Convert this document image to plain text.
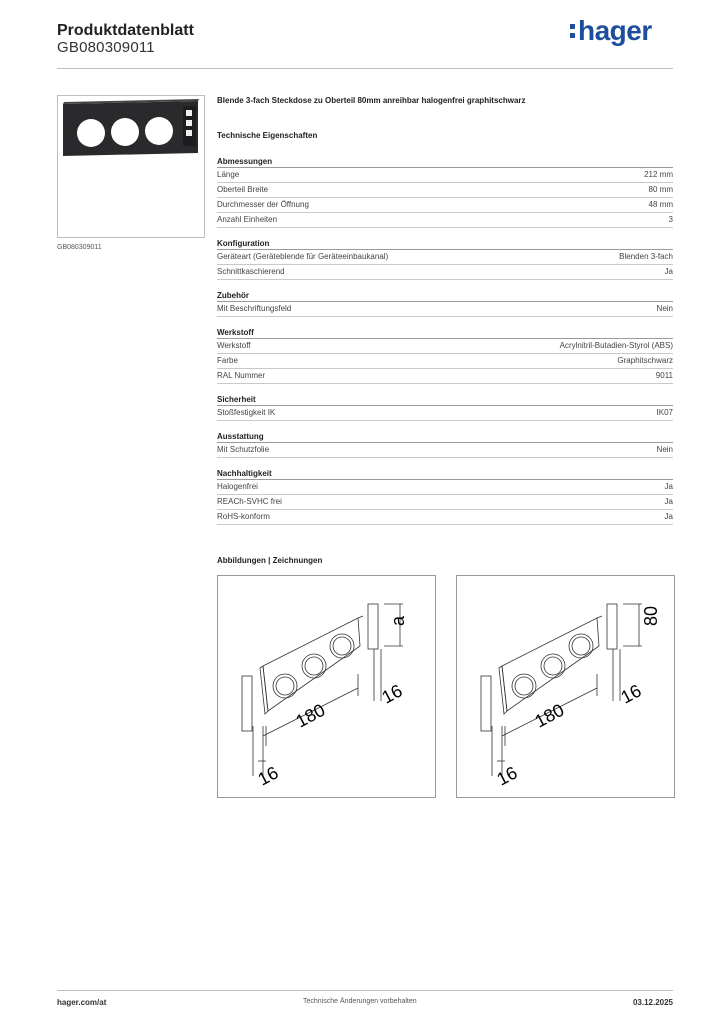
Produktdatenblatt
GB080309011
hager
GB080309011
Blende 3-fach Steckdose zu Oberteil 80mm anreihbar halogenfrei graphitschwarz
Technische Eigenschaften
Abmessungen
Länge	212 mm
Oberteil Breite	80 mm
Durchmesser der Öffnung	48 mm
Anzahl Einheiten	3
Konfiguration
Geräteart (Geräteblende für Geräteeinbaukanal)	Blenden 3-fach
Schnittkaschierend	Ja
Zubehör
Mit Beschriftungsfeld	Nein
Werkstoff
Werkstoff	Acrylnitril-Butadien-Styrol (ABS)
Farbe	Graphitschwarz
RAL Nummer	9011
Sicherheit
Stoßfestigkeit IK	IK07
Ausstattung
Mit Schutzfolie	Nein
Nachhaltigkeit
Halogenfrei	Ja
REACh-SVHC frei	Ja
RoHS-konform	Ja
Abbildungen | Zeichnungen
a
180
16
16
80
180
16
16
hager.com/at	Technische Änderungen vorbehalten	03.12.2025
